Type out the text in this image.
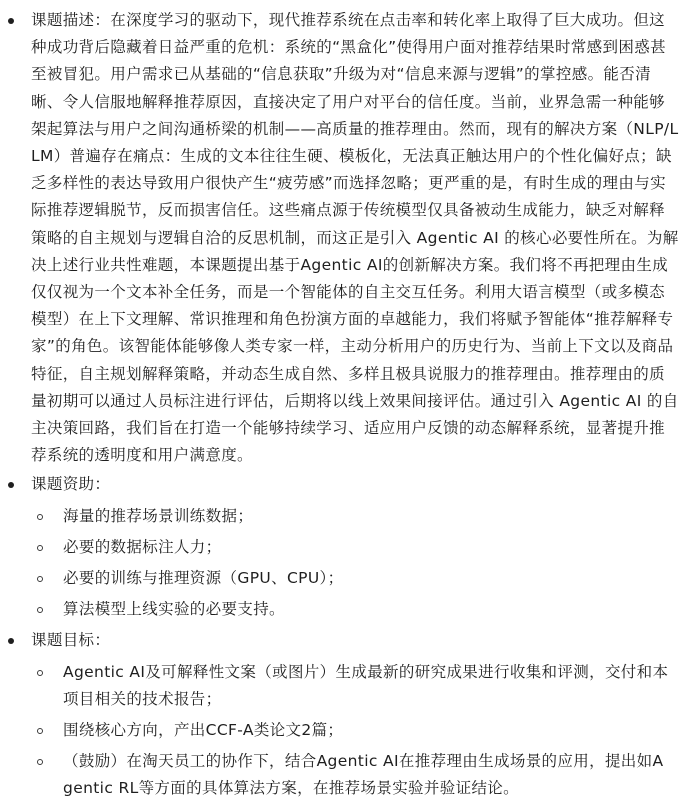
课题描述：在深度学习的驱动下，现代推荐系统在点击率和转化率上取得了巨大成功。但这种成功背后隐藏着日益严重的危机：系统的“黑盒化”使得用户面对推荐结果时常感到困惑甚至被冒犯。用户需求已从基础的“信息获取”升级为对“信息来源与逻辑”的掌控感。能否清晰、令人信服地解释推荐原因，直接决定了用户对平台的信任度。当前，业界急需一种能够架起算法与用户之间沟通桥梁的机制——高质量的推荐理由。然而，现有的解决方案（NLP/LLM）普遍存在痛点：生成的文本往往生硬、模板化，无法真正触达用户的个性化偏好点；缺乏多样性的表达导致用户很快产生“疲劳感”而选择忽略；更严重的是，有时生成的理由与实际推荐逻辑脱节，反而损害信任。这些痛点源于传统模型仅具备被动生成能力，缺乏对解释策略的自主规划与逻辑自洽的反思机制，而这正是引入 Agentic AI 的核心必要性所在。为解决上述行业共性难题，本课题提出基于Agentic AI的创新解决方案。我们将不再把理由生成仅仅视为一个文本补全任务，而是一个智能体的自主交互任务。利用大语言模型（或多模态模型）在上下文理解、常识推理和角色扮演方面的卓越能力，我们将赋予智能体“推荐解释专家”的角色。该智能体能够像人类专家一样，主动分析用户的历史行为、当前上下文以及商品特征，自主规划解释策略，并动态生成自然、多样且极具说服力的推荐理由。推荐理由的质量初期可以通过人员标注进行评估，后期将以线上效果间接评估。通过引入 Agentic AI 的自主决策回路，我们旨在打造一个能够持续学习、适应用户反馈的动态解释系统，显著提升推荐系统的透明度和用户满意度。
课题资助：
海量的推荐场景训练数据；
必要的数据标注人力；
必要的训练与推理资源（GPU、CPU）；
算法模型上线实验的必要支持。
课题目标：
Agentic AI及可解释性文案（或图片）生成最新的研究成果进行收集和评测，交付和本项目相关的技术报告；
围绕核心方向，产出CCF-A类论文2篇；
（鼓励）在淘天员工的协作下，结合Agentic AI在推荐理由生成场景的应用，提出如Agentic RL等方面的具体算法方案，在推荐场景实验并验证结论。
